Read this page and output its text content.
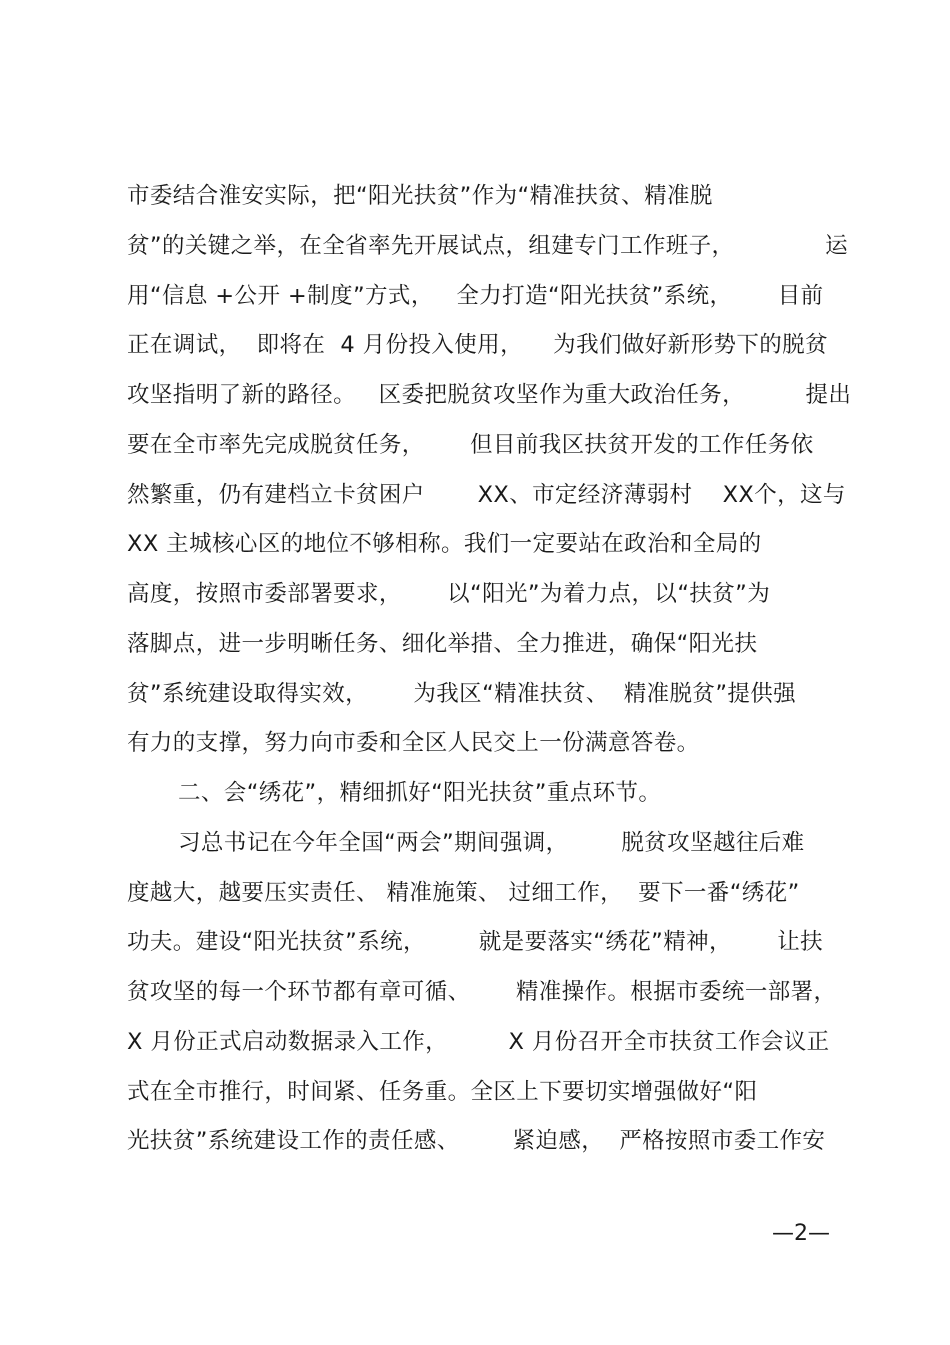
市委结合淮安实际，把“阳光扶贫”作为“精准扶贫、精准脱
贫”的关键之举，在全省率先开展试点，组建专门工作班子，            运
用“信息 +公开 +制度”方式，   全力打造“阳光扶贫”系统，      目前
正在调试，  即将在  4 月份投入使用，    为我们做好新形势下的脱贫
攻坚指明了新的路径。   区委把脱贫攻坚作为重大政治任务，        提出
要在全市率先完成脱贫任务，      但目前我区扶贫开发的工作任务依
然繁重，仍有建档立卡贫困户       XX、市定经济薄弱村    XX个，这与
XX 主城核心区的地位不够相称。我们一定要站在政治和全局的
高度，按照市委部署要求，      以“阳光”为着力点，以“扶贫”为
落脚点，进一步明晰任务、细化举措、全力推进，确保“阳光扶
贫”系统建设取得实效，      为我区“精准扶贫、  精准脱贫”提供强
有力的支撑，努力向市委和全区人民交上一份满意答卷。
二、会“绣花”，精细抓好“阳光扶贫”重点环节。
习总书记在今年全国“两会”期间强调，       脱贫攻坚越往后难
度越大，越要压实责任、 精准施策、 过细工作，  要下一番“绣花”
功夫。建设“阳光扶贫”系统，       就是要落实“绣花”精神，      让扶
贫攻坚的每一个环节都有章可循、      精准操作。根据市委统一部署，
X 月份正式启动数据录入工作，        X 月份召开全市扶贫工作会议正
式在全市推行，时间紧、任务重。全区上下要切实增强做好“阳
光扶贫”系统建设工作的责任感、       紧迫感，  严格按照市委工作安
—2—
